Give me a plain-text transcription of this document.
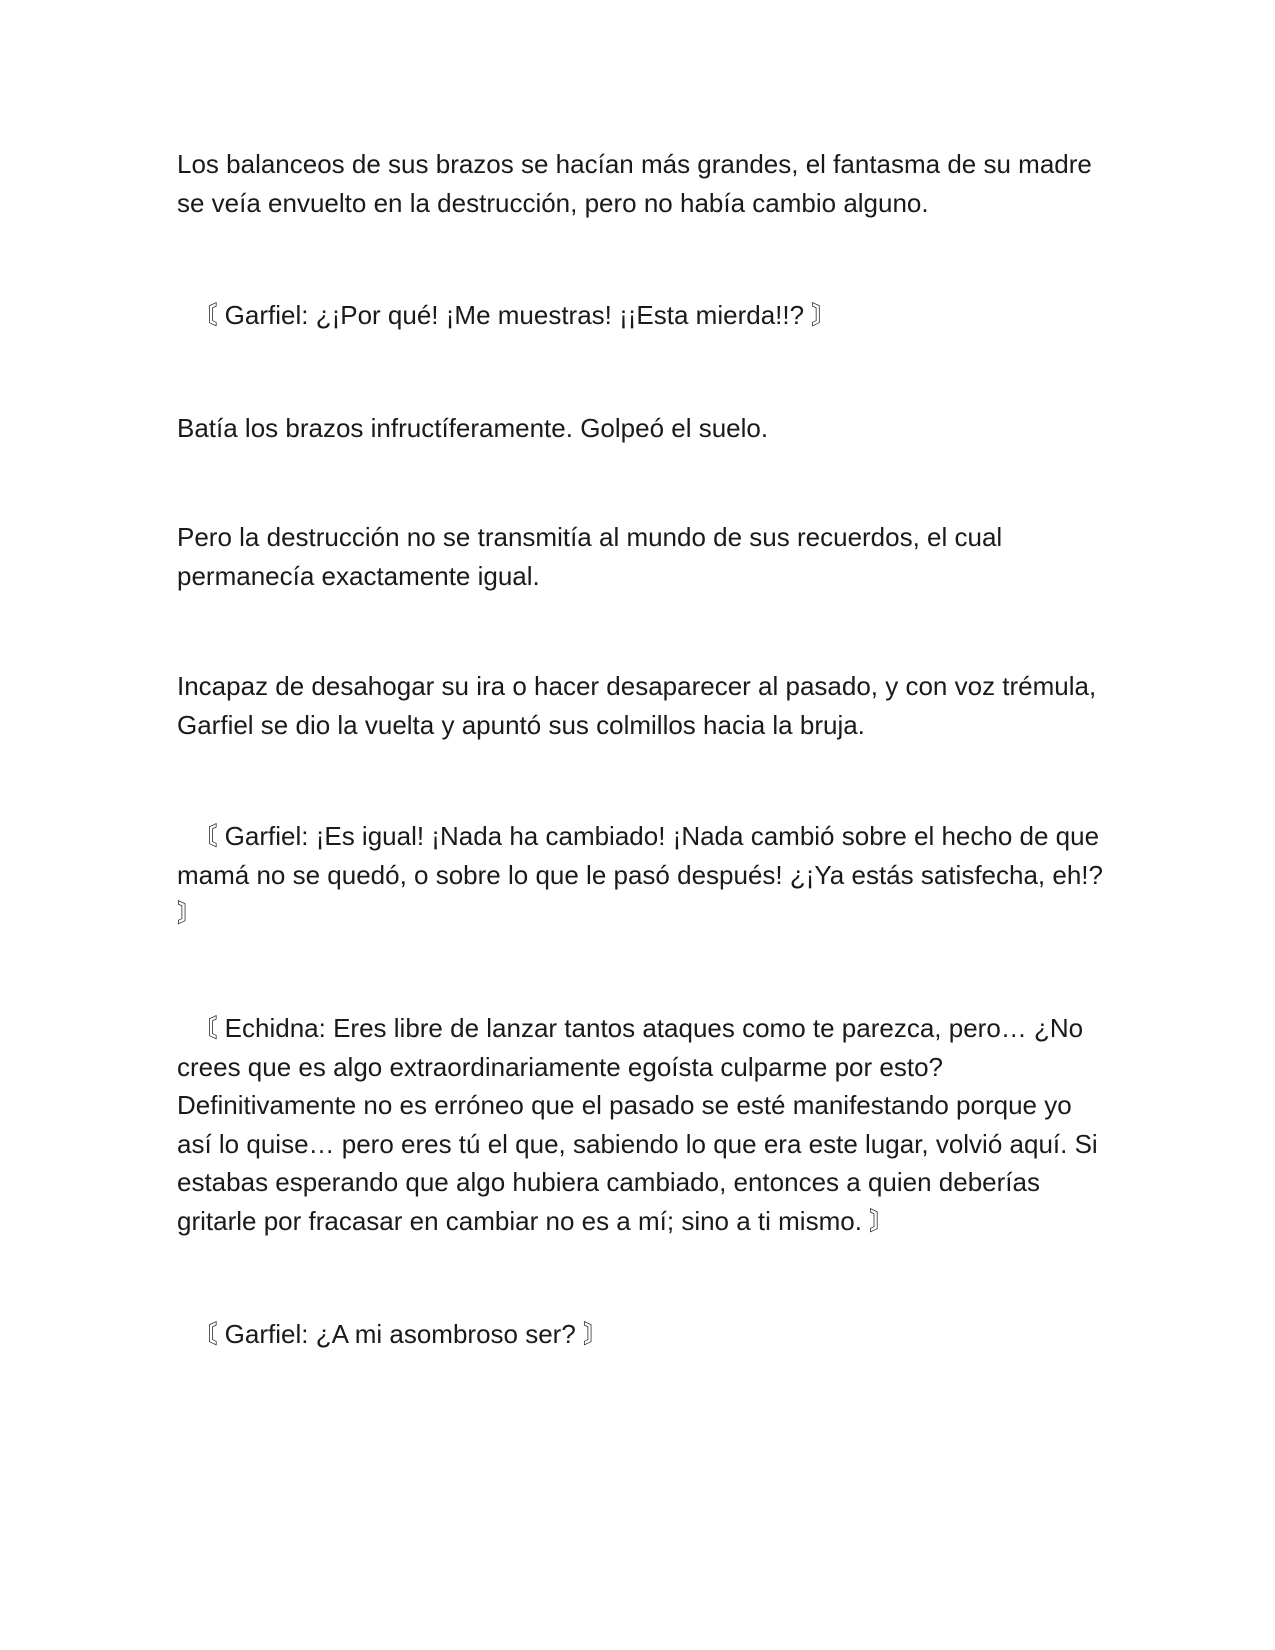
Los balanceos de sus brazos se hacían más grandes, el fantasma de su madre se veía envuelto en la destrucción, pero no había cambio alguno.

〘 Garfiel: ¿¡Por qué! ¡Me muestras! ¡¡Esta mierda!!? 〙

Batía los brazos infructíferamente. Golpeó el suelo.

Pero la destrucción no se transmitía al mundo de sus recuerdos, el cual permanecía exactamente igual.

Incapaz de desahogar su ira o hacer desaparecer al pasado, y con voz trémula, Garfiel se dio la vuelta y apuntó sus colmillos hacia la bruja.

〘 Garfiel: ¡Es igual! ¡Nada ha cambiado! ¡Nada cambió sobre el hecho de que mamá no se quedó, o sobre lo que le pasó después! ¿¡Ya estás satisfecha, eh!? 〙

〘 Echidna: Eres libre de lanzar tantos ataques como te parezca, pero… ¿No crees que es algo extraordinariamente egoísta culparme por esto? Definitivamente no es erróneo que el pasado se esté manifestando porque yo así lo quise… pero eres tú el que, sabiendo lo que era este lugar, volvió aquí. Si estabas esperando que algo hubiera cambiado, entonces a quien deberías gritarle por fracasar en cambiar no es a mí; sino a ti mismo. 〙

〘 Garfiel: ¿A mi asombroso ser? 〙
